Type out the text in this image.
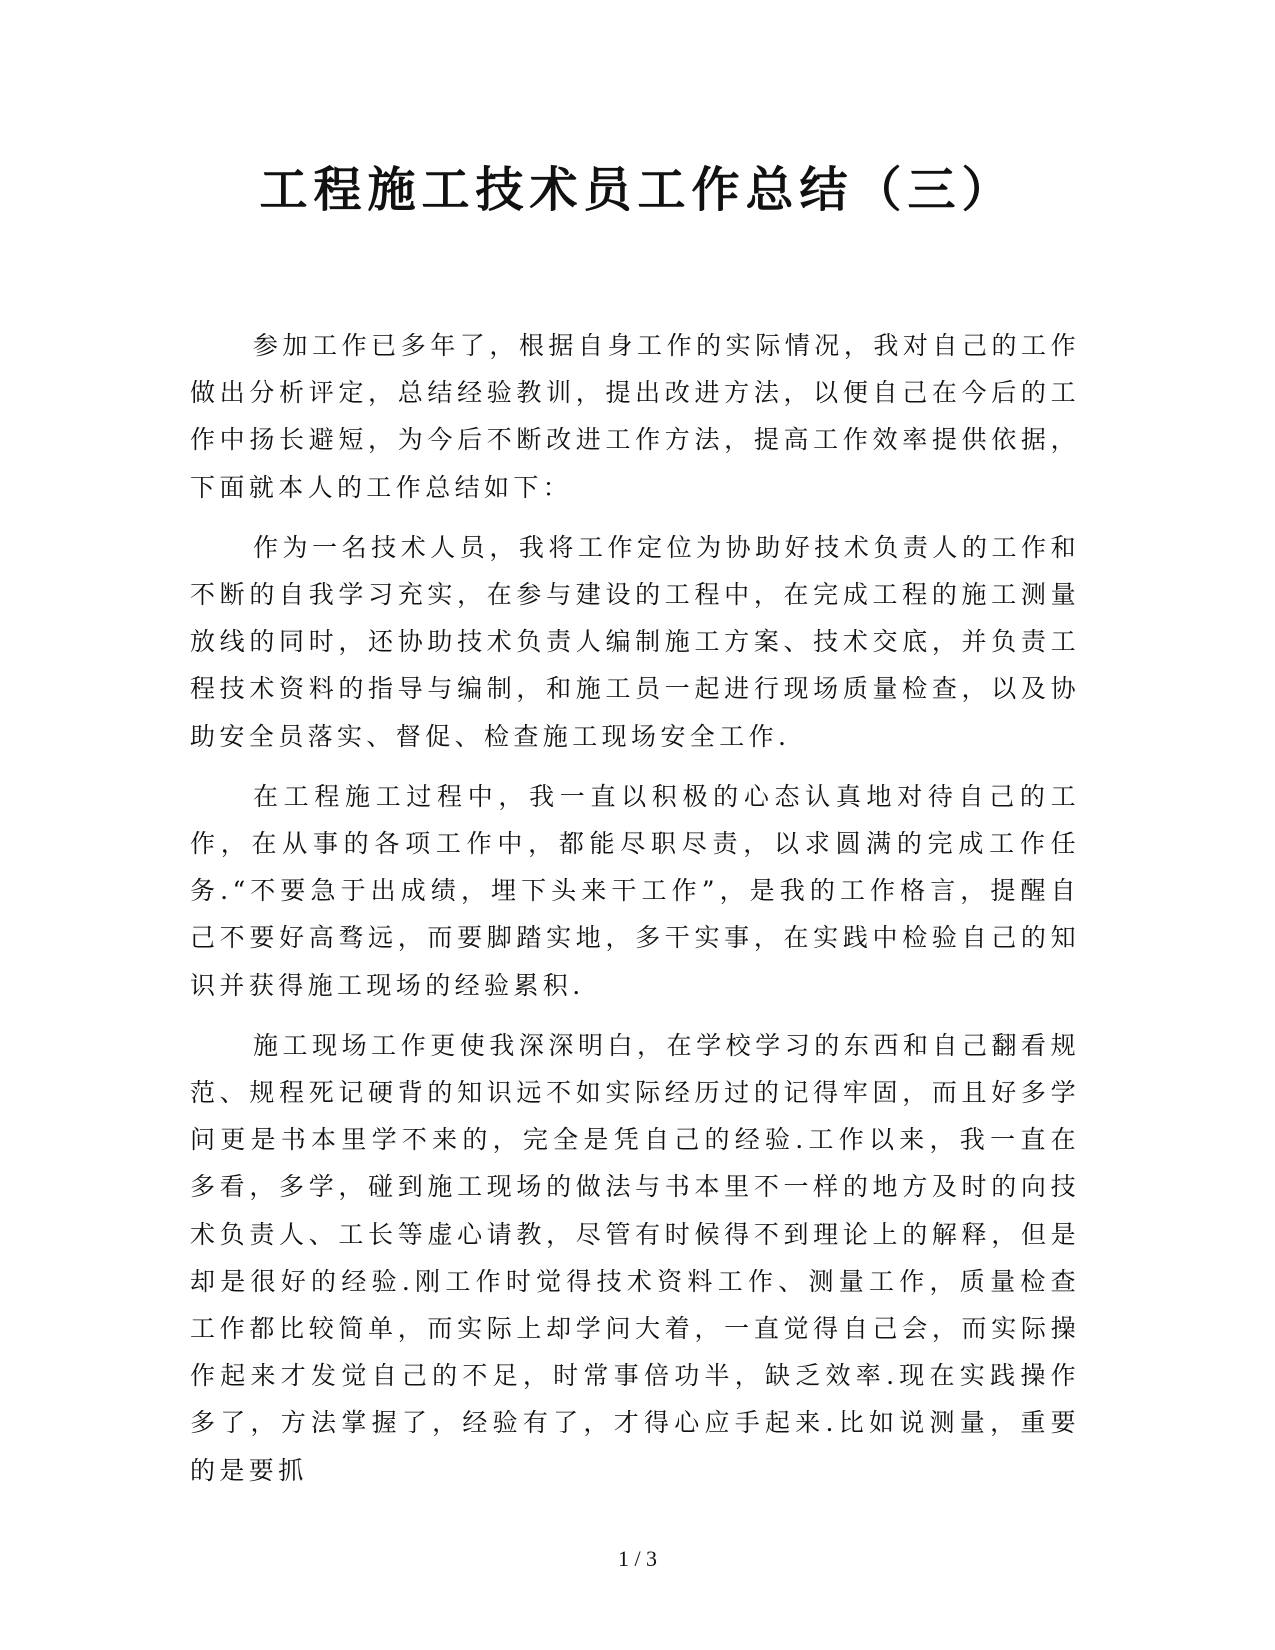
工程施工技术员工作总结（三）

参加工作已多年了，根据自身工作的实际情况，我对自己的工作做出分析评定，总结经验教训，提出改进方法，以便自己在今后的工作中扬长避短，为今后不断改进工作方法，提高工作效率提供依据，下面就本人的工作总结如下：

作为一名技术人员，我将工作定位为协助好技术负责人的工作和不断的自我学习充实，在参与建设的工程中，在完成工程的施工测量放线的同时，还协助技术负责人编制施工方案、技术交底，并负责工程技术资料的指导与编制，和施工员一起进行现场质量检查，以及协助安全员落实、督促、检查施工现场安全工作.

在工程施工过程中，我一直以积极的心态认真地对待自己的工作，在从事的各项工作中，都能尽职尽责，以求圆满的完成工作任务.“不要急于出成绩，埋下头来干工作”，是我的工作格言，提醒自己不要好高骛远，而要脚踏实地，多干实事，在实践中检验自己的知识并获得施工现场的经验累积.

施工现场工作更使我深深明白，在学校学习的东西和自己翻看规范、规程死记硬背的知识远不如实际经历过的记得牢固，而且好多学问更是书本里学不来的，完全是凭自己的经验.工作以来，我一直在多看，多学，碰到施工现场的做法与书本里不一样的地方及时的向技术负责人、工长等虚心请教，尽管有时候得不到理论上的解释，但是却是很好的经验.刚工作时觉得技术资料工作、测量工作，质量检查工作都比较简单，而实际上却学问大着，一直觉得自己会，而实际操作起来才发觉自己的不足，时常事倍功半，缺乏效率.现在实践操作多了，方法掌握了，经验有了，才得心应手起来.比如说测量，重要的是要抓

1 / 3
